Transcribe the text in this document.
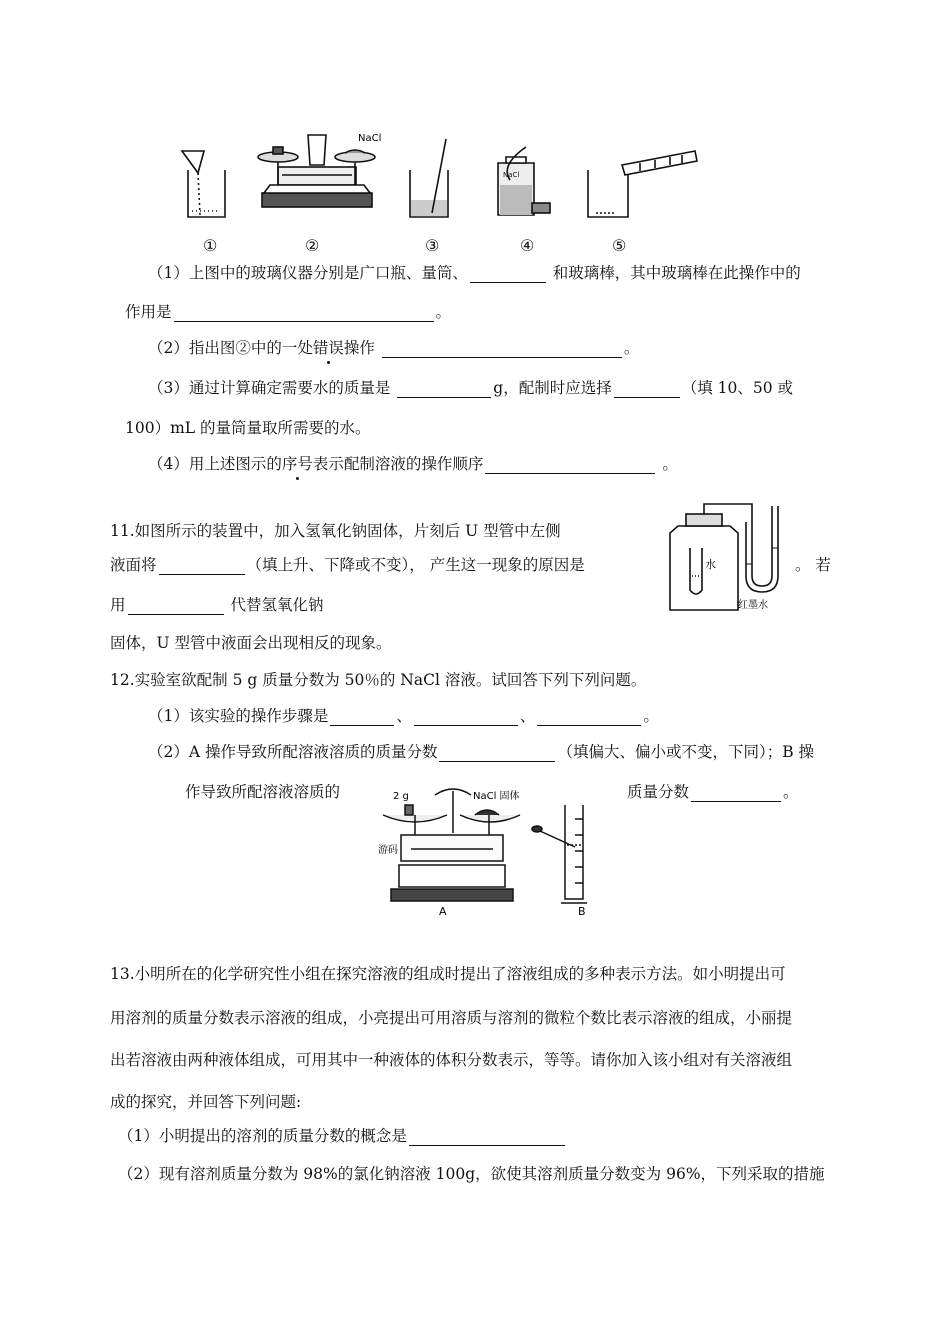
NaCl
NaCl
①	②	③	④	⑤
（1）上图中的玻璃仪器分别是广口瓶、量筒、	和玻璃棒，其中玻璃棒在此操作中的
作用是	。
（2）指出图②中的一处错误操作	。
（3）通过计算确定需要水的质量是	g，配制时应选择	（填 10、50 或
100）mL 的量筒量取所需要的水。
（4）用上述图示的序号表示配制溶液的操作顺序	。
11.如图所示的装置中，加入氢氧化钠固体，片刻后 U 型管中左侧
液面将	（填上升、下降或不变）， 产生这一现象的原因是	。 若
用	代替氢氧化钠
固体，U 型管中液面会出现相反的现象。
水
红墨水
12.实验室欲配制 5 g 质量分数为 50％的 NaCl 溶液。试回答下列下列问题。
（1）该实验的操作步骤是	、	、	。
（2）A 操作导致所配溶液溶质的质量分数	（填偏大、偏小或不变，下同）；B 操
作导致所配溶液溶质的	质量分数	。
2 g	NaCl 固体
游码
A	B
13.小明所在的化学研究性小组在探究溶液的组成时提出了溶液组成的多种表示方法。如小明提出可
用溶剂的质量分数表示溶液的组成，小亮提出可用溶质与溶剂的微粒个数比表示溶液的组成，小丽提
出若溶液由两种液体组成，可用其中一种液体的体积分数表示，等等。请你加入该小组对有关溶液组
成的探究，并回答下列问题:
（1）小明提出的溶剂的质量分数的概念是
（2）现有溶剂质量分数为 98%的氯化钠溶液 100g，欲使其溶剂质量分数变为 96%，下列采取的措施
